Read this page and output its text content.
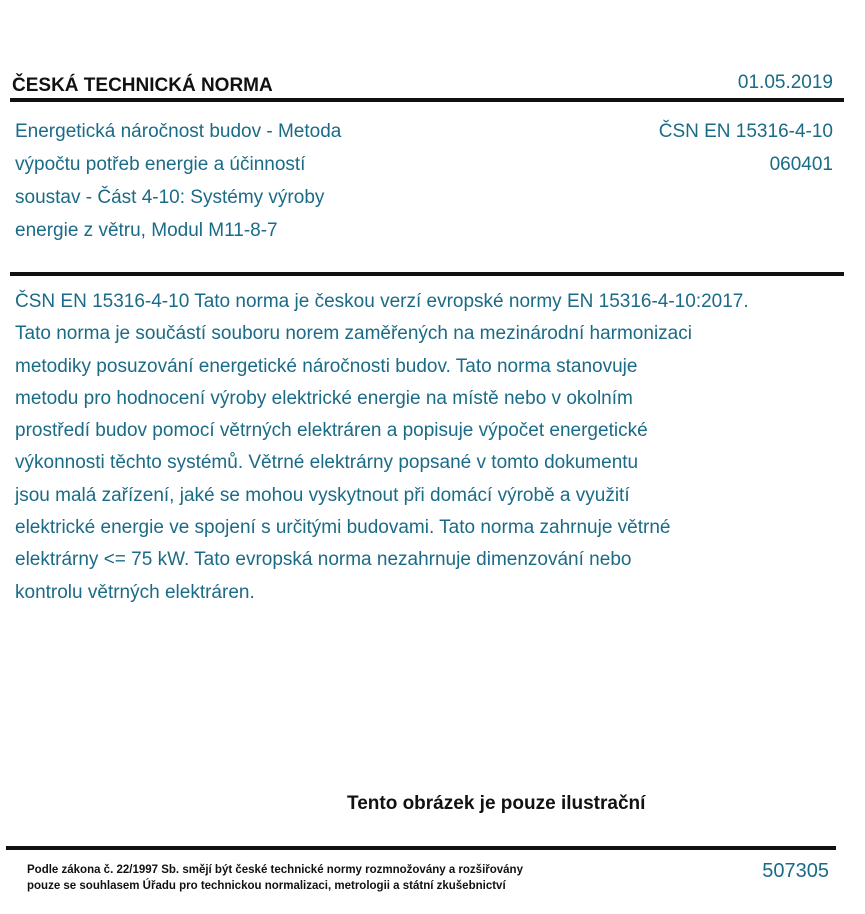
ČESKÁ TECHNICKÁ NORMA	01.05.2019
Energetická náročnost budov - Metoda
výpočtu potřeb energie a účinností
soustav - Část 4-10: Systémy výroby
energie z větru, Modul M11-8-7
ČSN EN 15316-4-10
060401
ČSN EN 15316-4-10 Tato norma je českou verzí evropské normy EN 15316-4-10:2017.
Tato norma je součástí souboru norem zaměřených na mezinárodní harmonizaci
metodiky posuzování energetické náročnosti budov. Tato norma stanovuje
metodu pro hodnocení výroby elektrické energie na místě nebo v okolním
prostředí budov pomocí větrných elektráren a popisuje výpočet energetické
výkonnosti těchto systémů. Větrné elektrárny popsané v tomto dokumentu
jsou malá zařízení, jaké se mohou vyskytnout při domácí výrobě a využití
elektrické energie ve spojení s určitými budovami. Tato norma zahrnuje větrné
elektrárny <= 75 kW. Tato evropská norma nezahrnuje dimenzování nebo
kontrolu větrných elektráren.
Tento obrázek je pouze ilustrační
Podle zákona č. 22/1997 Sb. smějí být české technické normy rozmnožovány a rozšiřovány
pouze se souhlasem Úřadu pro technickou normalizaci, metrologii a státní zkušebnictví
507305
